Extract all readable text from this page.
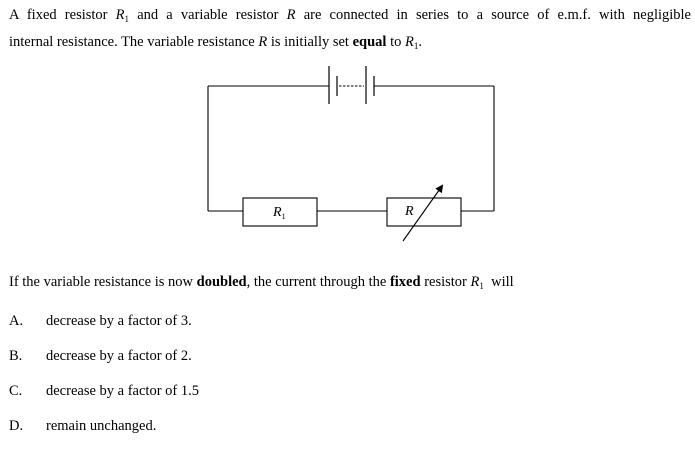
A fixed resistor $R_1$ and a variable resistor R are connected in series to a source of e.m.f. with negligible
internal resistance. The variable resistance R is initially set equal to $R_1$.
$R_1$	R
If the variable resistance is now doubled, the current through the fixed resistor $R_1$ will
A. decrease by a factor of 3.
B. decrease by a factor of 2.
C. decrease by a factor of 1.5
D. remain unchanged.
